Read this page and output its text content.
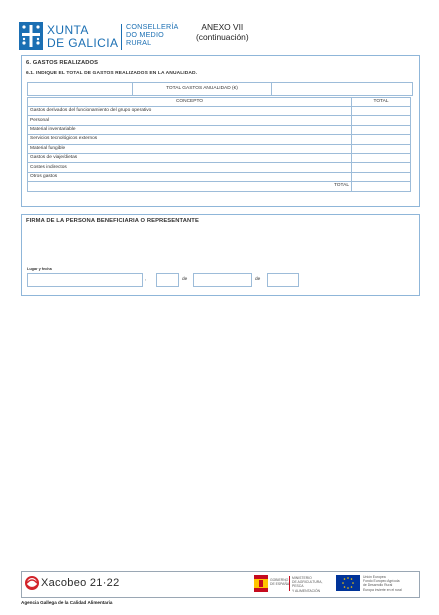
XUNTA
DE GALICIA
CONSELLERÍA
DO MEDIO
RURAL
ANEXO VII
(continuación)
6. GASTOS REALIZADOS
6.1. INDIQUE EL TOTAL DE GASTOS REALIZADOS EN LA ANUALIDAD.
TOTAL GASTOS ANUALIDAD (€)
CONCEPTO	TOTAL
Gastos derivados del funcionamiento del grupo operativo	
Personal	
Material inventariable	
Servicios tecnológicos externos	
Material fungible	
Gastos de viaje/dietas	
Costes indirectos	
Otros gastos	
TOTAL	
FIRMA DE LA PERSONA BENEFICIARIA O REPRESENTANTE
Lugar y fecha
,	de	de
Xacobeo 21·22	GOBIERNO
DE ESPAÑA
MINISTERIO
DE AGRICULTURA, PESCA
Y ALIMENTACIÓN
Unión Europea
Fondo Europeo Agrícola
de Desarrollo Rural
Europa invierte en el rural
Agencia Gallega de la Calidad Alimentaria
